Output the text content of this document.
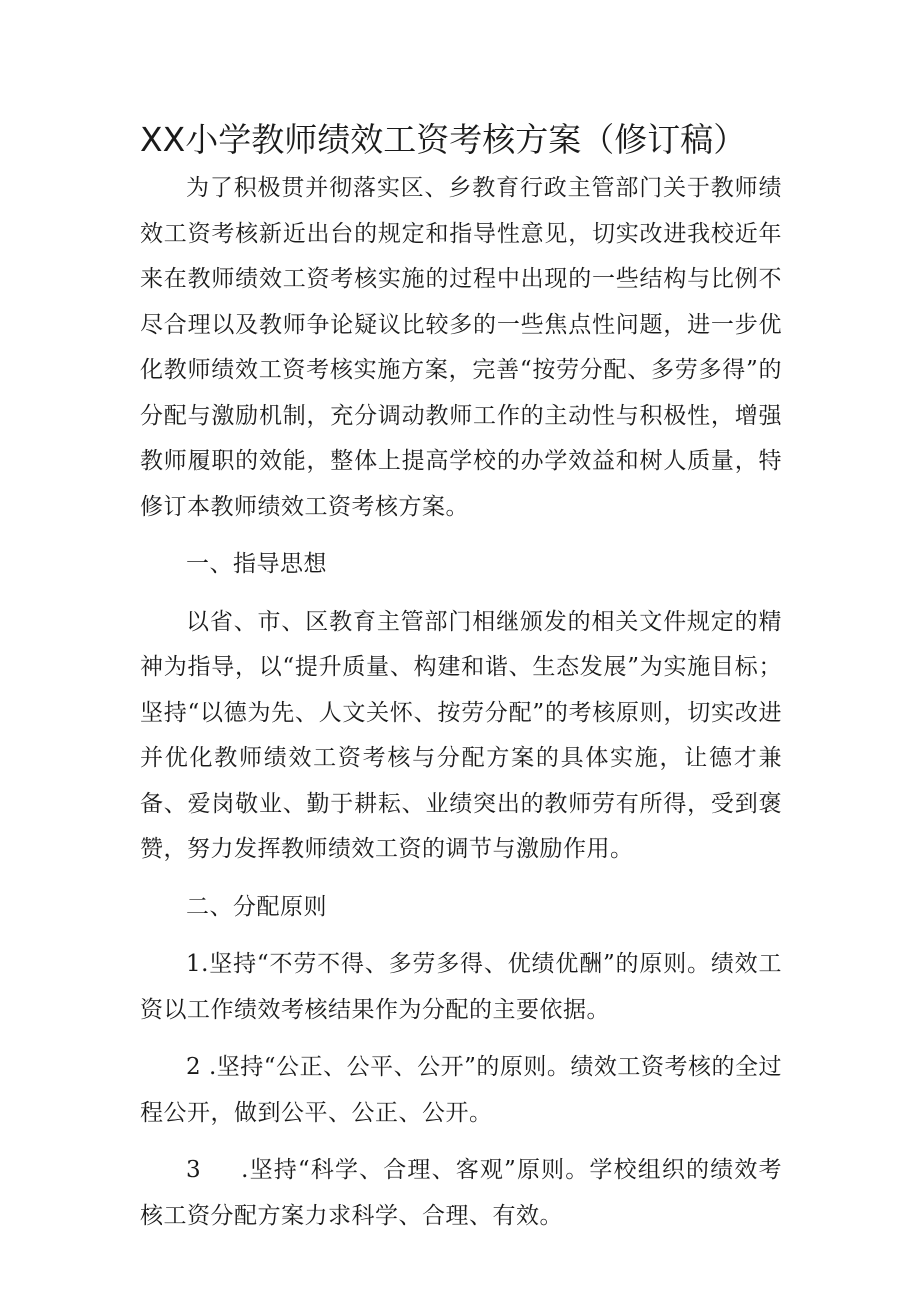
XX小学教师绩效工资考核方案（修订稿）

为了积极贯并彻落实区、乡教育行政主管部门关于教师绩效工资考核新近出台的规定和指导性意见，切实改进我校近年来在教师绩效工资考核实施的过程中出现的一些结构与比例不尽合理以及教师争论疑议比较多的一些焦点性问题，进一步优化教师绩效工资考核实施方案，完善“按劳分配、多劳多得”的分配与激励机制，充分调动教师工作的主动性与积极性，增强教师履职的效能，整体上提高学校的办学效益和树人质量，特修订本教师绩效工资考核方案。

一、指导思想

以省、市、区教育主管部门相继颁发的相关文件规定的精神为指导，以“提升质量、构建和谐、生态发展”为实施目标；坚持“以德为先、人文关怀、按劳分配”的考核原则，切实改进并优化教师绩效工资考核与分配方案的具体实施，让德才兼备、爱岗敬业、勤于耕耘、业绩突出的教师劳有所得，受到褒赞，努力发挥教师绩效工资的调节与激励作用。

二、分配原则

1.坚持“不劳不得、多劳多得、优绩优酬”的原则。绩效工资以工作绩效考核结果作为分配的主要依据。

2 .坚持“公正、公平、公开”的原则。绩效工资考核的全过程公开，做到公平、公正、公开。

3 .坚持“科学、合理、客观”原则。学校组织的绩效考核工资分配方案力求科学、合理、有效。
